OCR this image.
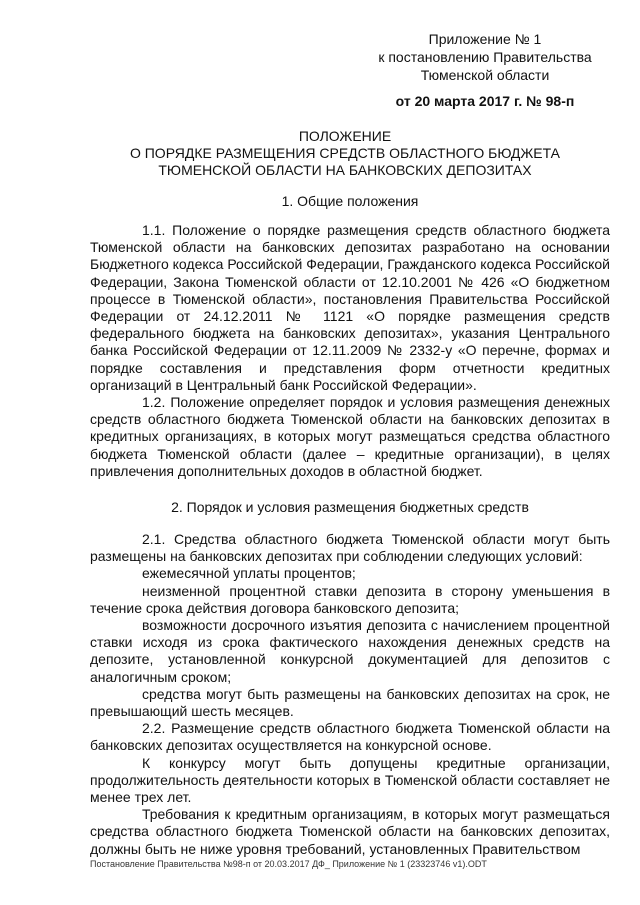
Приложение № 1
к постановлению Правительства
Тюменской области
от 20 марта 2017 г. № 98-п
ПОЛОЖЕНИЕ
О ПОРЯДКЕ РАЗМЕЩЕНИЯ СРЕДСТВ ОБЛАСТНОГО БЮДЖЕТА
ТЮМЕНСКОЙ ОБЛАСТИ НА БАНКОВСКИХ ДЕПОЗИТАХ
1. Общие положения

1.1. Положение о порядке размещения средств областного бюджета Тюменской области на банковских депозитах разработано на основании Бюджетного кодекса Российской Федерации, Гражданского кодекса Российской Федерации, Закона Тюменской области от 12.10.2001 № 426 «О бюджетном процессе в Тюменской области», постановления Правительства Российской Федерации от 24.12.2011 № 1121 «О порядке размещения средств федерального бюджета на банковских депозитах», указания Центрального банка Российской Федерации от 12.11.2009 № 2332-у «О перечне, формах и порядке составления и представления форм отчетности кредитных организаций в Центральный банк Российской Федерации».

1.2. Положение определяет порядок и условия размещения денежных средств областного бюджета Тюменской области на банковских депозитах в кредитных организациях, в которых могут размещаться средства областного бюджета Тюменской области (далее – кредитные организации), в целях привлечения дополнительных доходов в областной бюджет.

2. Порядок и условия размещения бюджетных средств

2.1. Средства областного бюджета Тюменской области могут быть размещены на банковских депозитах при соблюдении следующих условий:

ежемесячной уплаты процентов;

неизменной процентной ставки депозита в сторону уменьшения в течение срока действия договора банковского депозита;

возможности досрочного изъятия депозита с начислением процентной ставки исходя из срока фактического нахождения денежных средств на депозите, установленной конкурсной документацией для депозитов с аналогичным сроком;

средства могут быть размещены на банковских депозитах на срок, не превышающий шесть месяцев.

2.2. Размещение средств областного бюджета Тюменской области на банковских депозитах осуществляется на конкурсной основе.

К конкурсу могут быть допущены кредитные организации, продолжительность деятельности которых в Тюменской области составляет не менее трех лет.

Требования к кредитным организациям, в которых могут размещаться средства областного бюджета Тюменской области на банковских депозитах, должны быть не ниже уровня требований, установленных Правительством

Постановление Правительства №98-п от 20.03.2017 ДФ_ Приложение № 1 (23323746 v1).ODT
